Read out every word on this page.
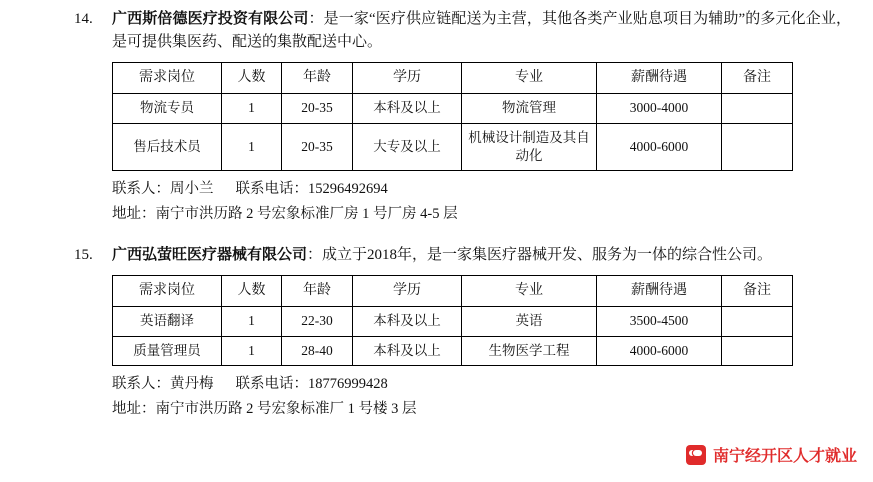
14. 广西斯倍德医疗投资有限公司：是一家“医疗供应链配送为主营，其他各类产业贴息项目为辅助”的多元化企业，是可提供集医药、配送的集散配送中心。
需求岗位	人数	年龄	学历	专业	薪酬待遇	备注
物流专员	1	20-35	本科及以上	物流管理	3000-4000	
售后技术员	1	20-35	大专及以上	机械设计制造及其自动化	4000-6000	
联系人：周小兰 联系电话：15296492694
地址：南宁市洪历路 2 号宏象标准厂房 1 号厂房 4-5 层
15. 广西弘萤旺医疗器械有限公司：成立于2018年，是一家集医疗器械开发、服务为一体的综合性公司。
需求岗位	人数	年龄	学历	专业	薪酬待遇	备注
英语翻译	1	22-30	本科及以上	英语	3500-4500	
质量管理员	1	28-40	本科及以上	生物医学工程	4000-6000	
联系人：黄丹梅 联系电话：18776999428
地址：南宁市洪历路 2 号宏象标准厂 1 号楼 3 层
南宁经开区人才就业
